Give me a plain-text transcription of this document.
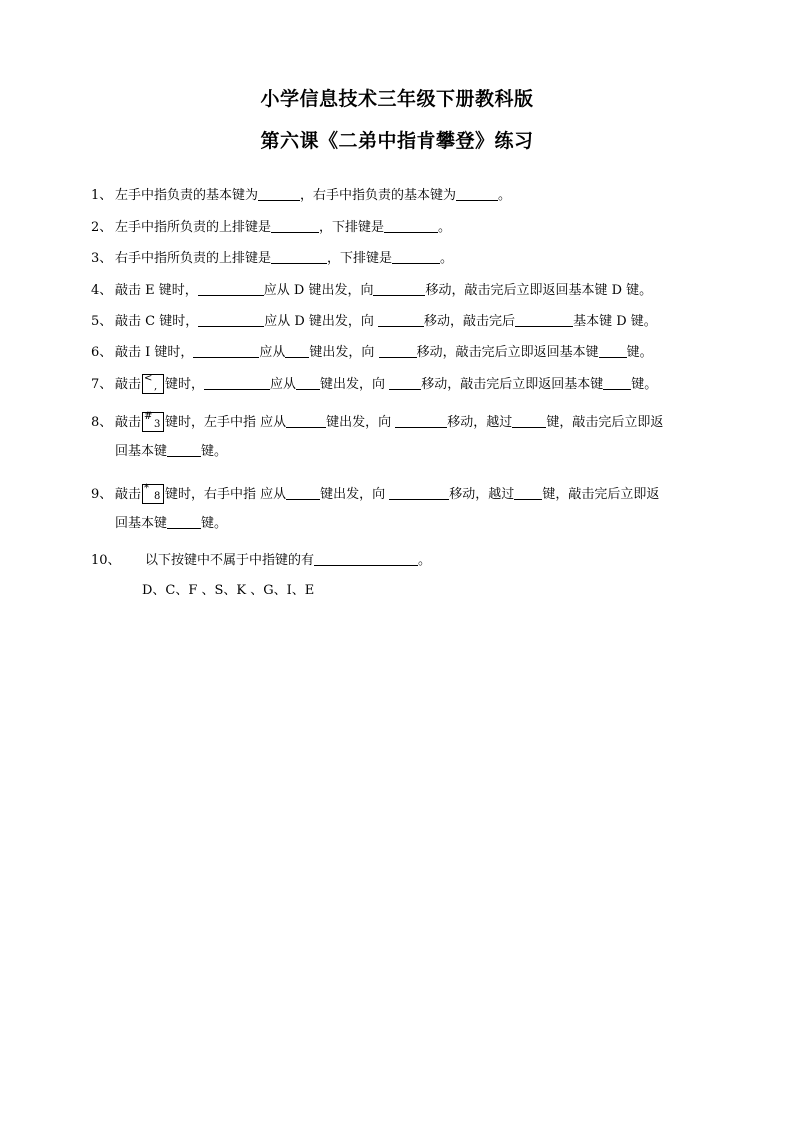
小学信息技术三年级下册教科版
第六课《二弟中指肯攀登》练习
1、 左手中指负责的基本键为	，右手中指负责的基本键为	。
2、 左手中指所负责的上排键是	，下排键是	。
3、 右手中指所负责的上排键是	，下排键是	。
4、 敲击 E 键时，	应从 D 键出发，向	移动，敲击完后立即返回基本键 D 键。
5、 敲击 C 键时，	应从 D 键出发，向	移动，敲击完后	基本键 D 键。
6、 敲击 I 键时，	应从 键出发，向	移动，敲击完后立即返回基本键 键。
7、 敲击 <
, 键时，	应从 键出发，向 移动，敲击完后立即返回基本键 键。
8、 敲击 #
3 键时，左手中指 应从	键出发，向	移动，越过	键，敲击完后立即返
回基本键	键。
9、 敲击 *
8 键时，右手中指 应从	键出发，向	移动，越过 键，敲击完后立即返
回基本键	键。
10、 以下按键中不属于中指键的有	。
D、C、F 、S、K 、G、I、E
